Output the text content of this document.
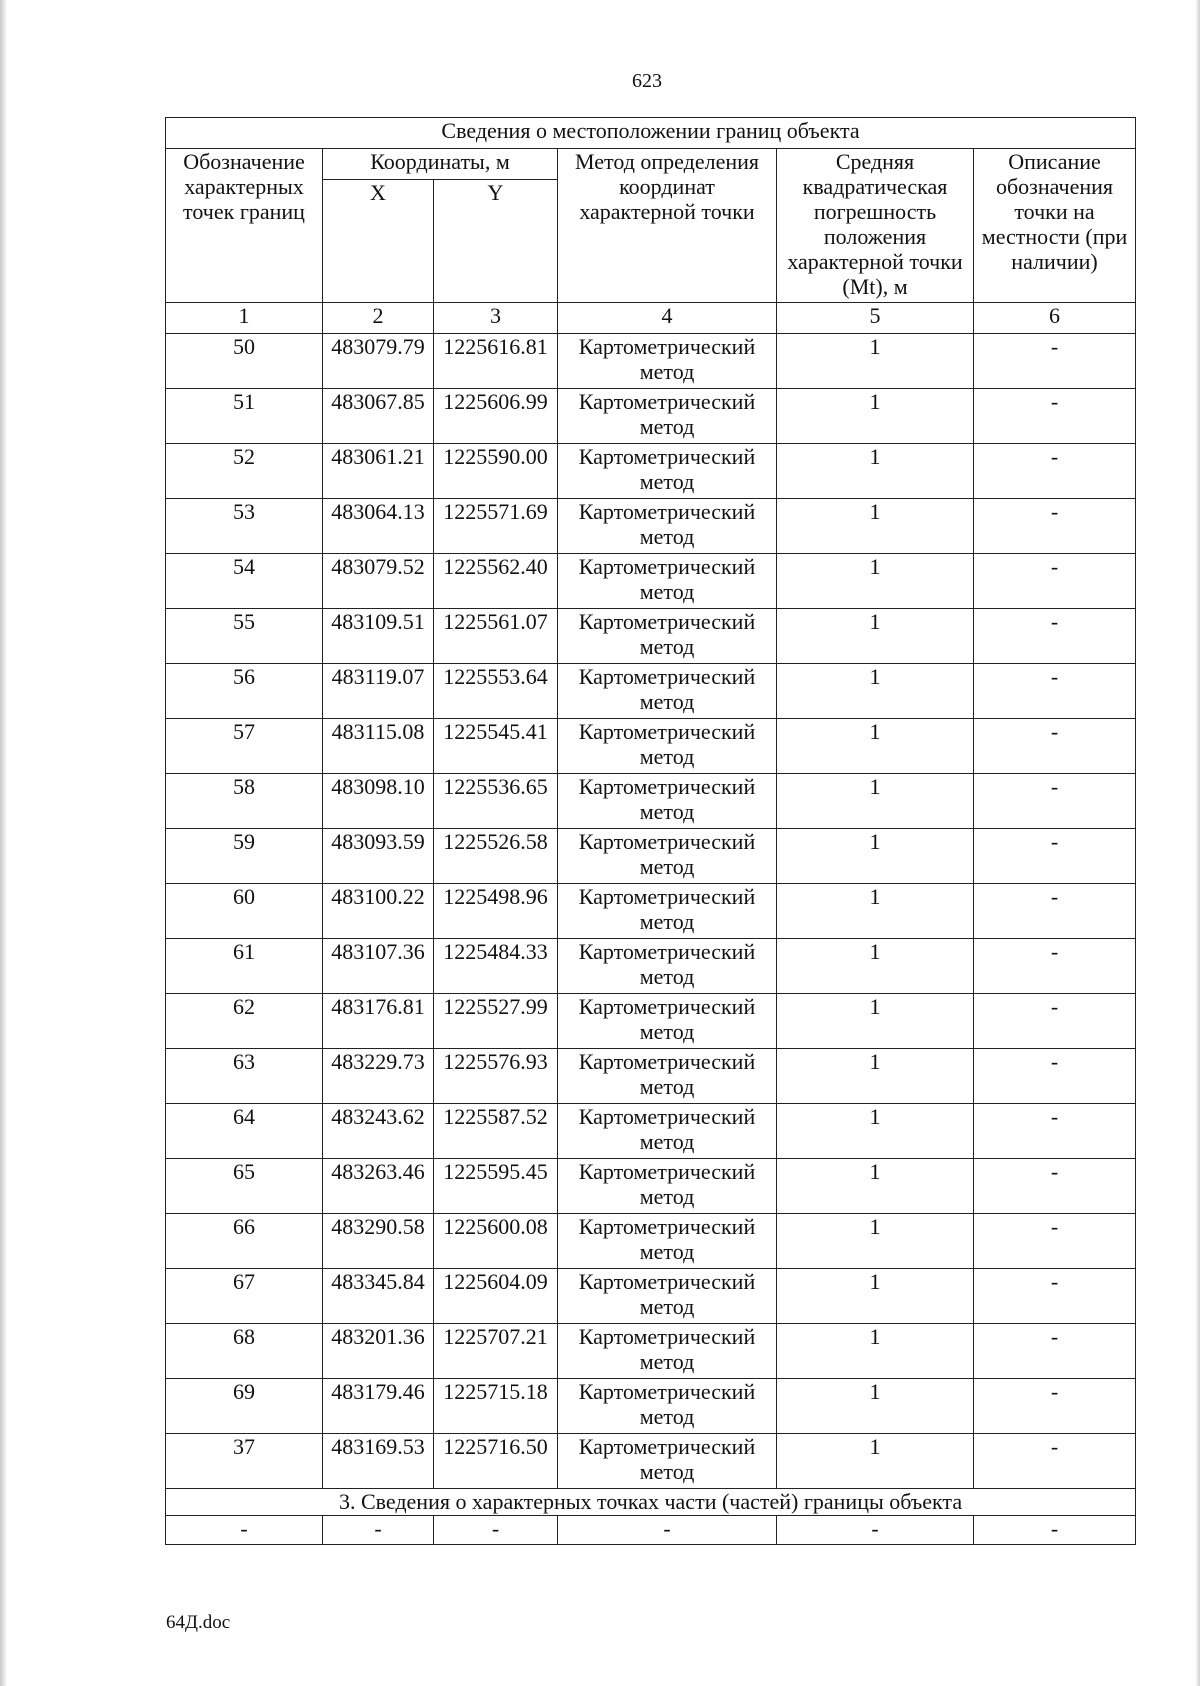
623
Сведения о местоположении границ объекта					
Обозначение характерных точек границ	Координаты, м		Метод определения координат характерной точки	Средняя квадратическая погрешность положения характерной точки (Mt), м	Описание обозначения точки на местности (при наличии)
	X	Y			
1	2	3	4	5	6
50	483079.79	1225616.81	Картометрический метод	1	-
51	483067.85	1225606.99	Картометрический метод	1	-
52	483061.21	1225590.00	Картометрический метод	1	-
53	483064.13	1225571.69	Картометрический метод	1	-
54	483079.52	1225562.40	Картометрический метод	1	-
55	483109.51	1225561.07	Картометрический метод	1	-
56	483119.07	1225553.64	Картометрический метод	1	-
57	483115.08	1225545.41	Картометрический метод	1	-
58	483098.10	1225536.65	Картометрический метод	1	-
59	483093.59	1225526.58	Картометрический метод	1	-
60	483100.22	1225498.96	Картометрический метод	1	-
61	483107.36	1225484.33	Картометрический метод	1	-
62	483176.81	1225527.99	Картометрический метод	1	-
63	483229.73	1225576.93	Картометрический метод	1	-
64	483243.62	1225587.52	Картометрический метод	1	-
65	483263.46	1225595.45	Картометрический метод	1	-
66	483290.58	1225600.08	Картометрический метод	1	-
67	483345.84	1225604.09	Картометрический метод	1	-
68	483201.36	1225707.21	Картометрический метод	1	-
69	483179.46	1225715.18	Картометрический метод	1	-
37	483169.53	1225716.50	Картометрический метод	1	-
3. Сведения о характерных точках части (частей) границы объекта					
-	-	-	-	-	-
64Д.doc
